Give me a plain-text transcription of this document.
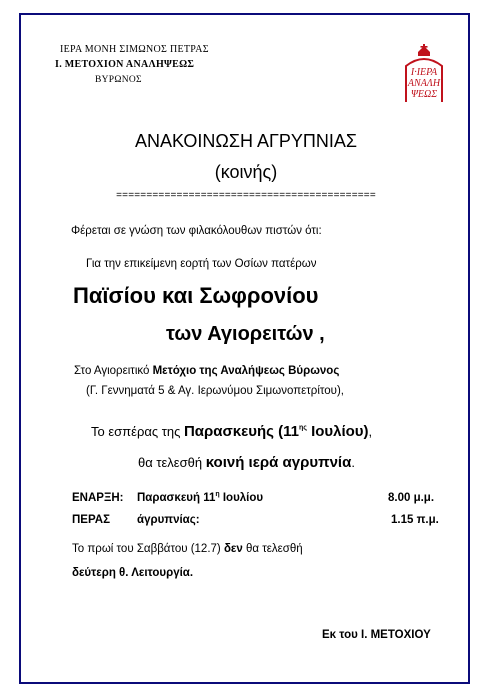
ΙΕΡΑ ΜΟΝΗ ΣΙΜΩΝΟΣ ΠΕΤΡΑΣ
Ι. ΜΕΤΟΧΙΟΝ ΑΝΑΛΗΨΕΩΣ
ΒΥΡΩΝΟΣ
Ι·ΙΕΡΑ
ΑΝΑΛΗ
ΨΕΩΣ
ΑΝΑΚΟΙΝΩΣΗ ΑΓΡΥΠΝΙΑΣ
(κοινής)
===========================================
Φέρεται σε γνώση των φιλακόλουθων πιστών ότι:
Για την επικείμενη εορτή των Οσίων πατέρων
Παϊσίου και Σωφρονίου
των Αγιορειτών ,
Στο Αγιορειτικό Μετόχιο της Αναλήψεως Βύρωνος
(Γ. Γεννηματά 5 & Αγ. Ιερωνύμου Σιμωνοπετρίτου),
Το εσπέρας της Παρασκευής ($11^{\eta\varsigma}$ Ιουλίου),
θα τελεσθή κοινή ιερά αγρυπνία.
ΕΝΑΡΞΗ: Παρασκευή $11^\eta$ Ιουλίου	8.00 μ.μ.
ΠΕΡΑΣ άγρυπνίας:	1.15 π.μ.
Το πρωί του Σαββάτου (12.7) δεν θα τελεσθή
δεύτερη θ. Λειτουργία.
Εκ του Ι. ΜΕΤΟΧΙΟΥ
